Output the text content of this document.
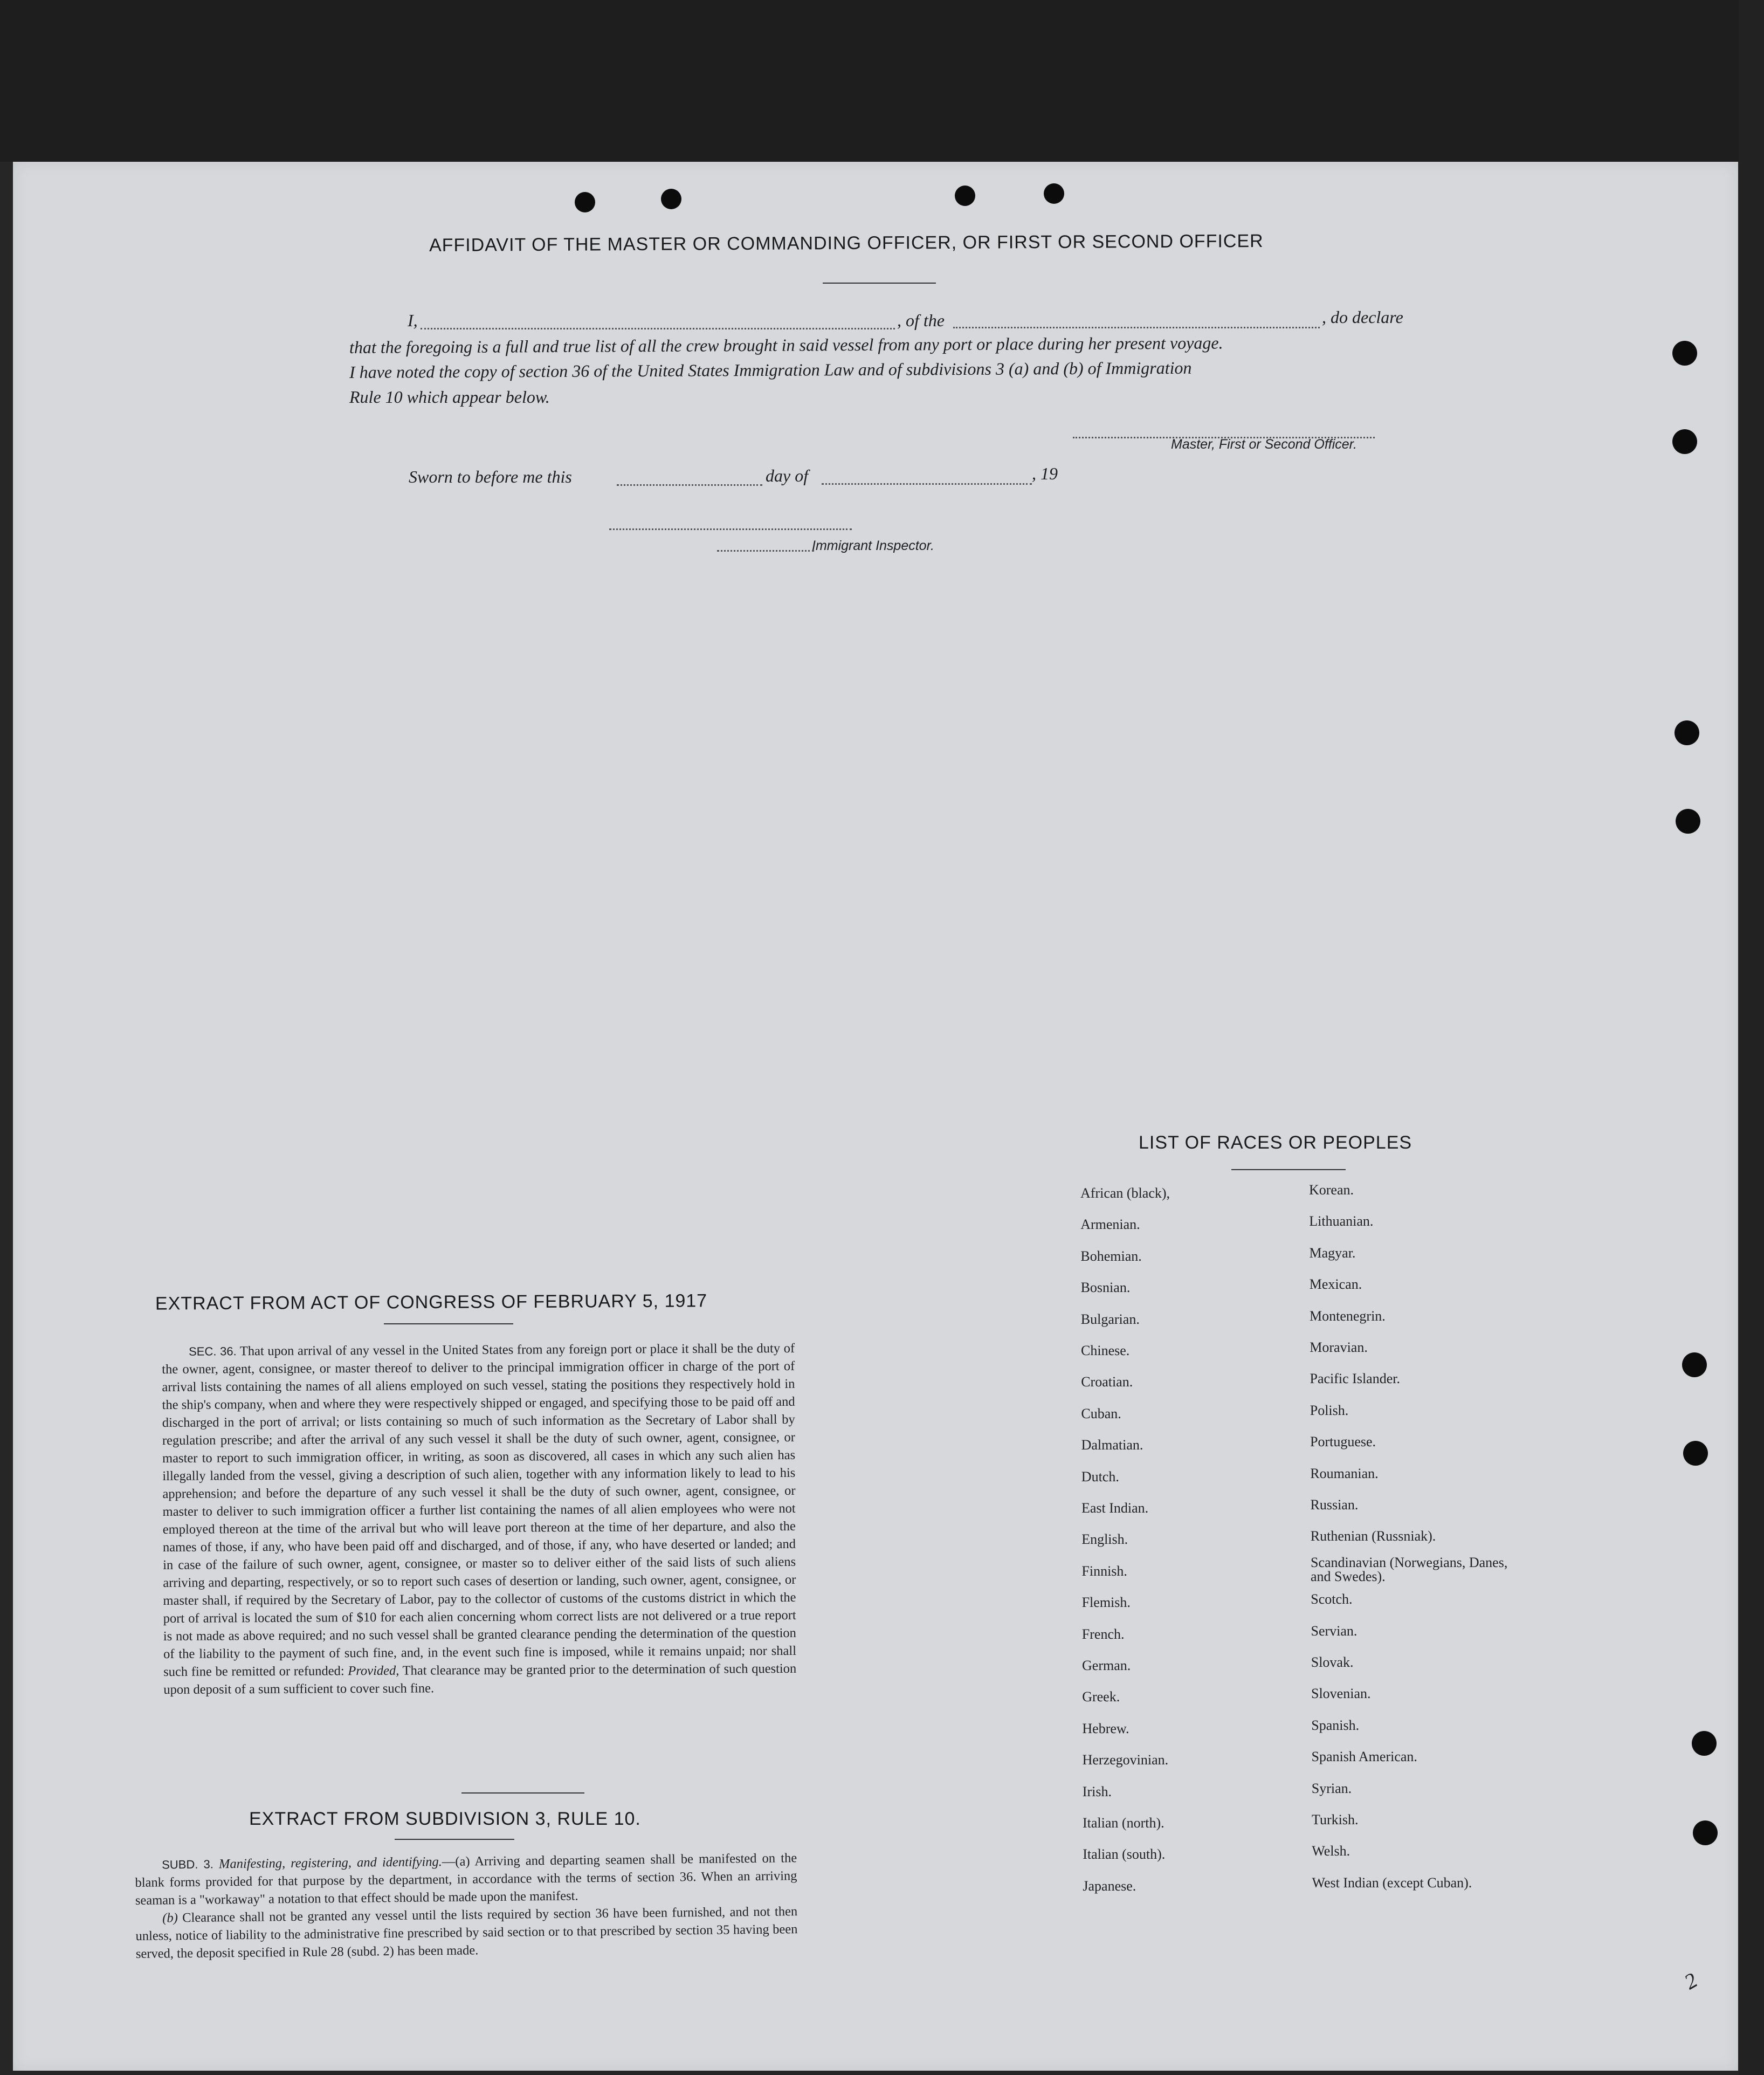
AFFIDAVIT OF THE MASTER OR COMMANDING OFFICER, OR FIRST OR SECOND OFFICER
I,	, of the	, do declare
that the foregoing is a full and true list of all the crew brought in said vessel from any port or place during her present voyage.
I have noted the copy of section 36 of the United States Immigration Law and of subdivisions 3 (a) and (b) of Immigration
Rule 10 which appear below.
Master, First or Second Officer.
Sworn to before me this	day of	, 19
Immigrant Inspector.
EXTRACT FROM ACT OF CONGRESS OF FEBRUARY 5, 1917

SEC. 36. That upon arrival of any vessel in the United States from any foreign port or place it shall be the duty of the owner, agent, consignee, or master thereof to deliver to the principal immigration officer in charge of the port of arrival lists containing the names of all aliens employed on such vessel, stating the positions they respectively hold in the ship's company, when and where they were respectively shipped or engaged, and specifying those to be paid off and discharged in the port of arrival; or lists containing so much of such information as the Secretary of Labor shall by regulation prescribe; and after the arrival of any such vessel it shall be the duty of such owner, agent, consignee, or master to report to such immigration officer, in writing, as soon as discovered, all cases in which any such alien has illegally landed from the vessel, giving a description of such alien, together with any information likely to lead to his apprehension; and before the departure of any such vessel it shall be the duty of such owner, agent, consignee, or master to deliver to such immigration officer a further list containing the names of all alien employees who were not employed thereon at the time of the arrival but who will leave port thereon at the time of her departure, and also the names of those, if any, who have been paid off and discharged, and of those, if any, who have deserted or landed; and in case of the failure of such owner, agent, consignee, or master so to deliver either of the said lists of such aliens arriving and departing, respectively, or so to report such cases of desertion or landing, such owner, agent, consignee, or master shall, if required by the Secretary of Labor, pay to the collector of customs of the customs district in which the port of arrival is located the sum of $10 for each alien concerning whom correct lists are not delivered or a true report is not made as above required; and no such vessel shall be granted clearance pending the determination of the question of the liability to the payment of such fine, and, in the event such fine is imposed, while it remains unpaid; nor shall such fine be remitted or refunded: Provided, That clearance may be granted prior to the determination of such question upon deposit of a sum sufficient to cover such fine.

EXTRACT FROM SUBDIVISION 3, RULE 10.

SUBD. 3. Manifesting, registering, and identifying.—(a) Arriving and departing seamen shall be manifested on the blank forms provided for that purpose by the department, in accordance with the terms of section 36. When an arriving seaman is a "workaway" a notation to that effect should be made upon the manifest.

(b) Clearance shall not be granted any vessel until the lists required by section 36 have been furnished, and not then unless, notice of liability to the administrative fine prescribed by said section or to that prescribed by section 35 having been served, the deposit specified in Rule 28 (subd. 2) has been made.

LIST OF RACES OR PEOPLES
2
African (black),
Armenian.
Bohemian.
Bosnian.
Bulgarian.
Chinese.
Croatian.
Cuban.
Dalmatian.
Dutch.
East Indian.
English.
Finnish.
Flemish.
French.
German.
Greek.
Hebrew.
Herzegovinian.
Irish.
Italian (north).
Italian (south).
Japanese.
Korean.
Lithuanian.
Magyar.
Mexican.
Montenegrin.
Moravian.
Pacific Islander.
Polish.
Portuguese.
Roumanian.
Russian.
Ruthenian (Russniak).
Scandinavian (Norwegians, Danes, and Swedes).
Scotch.
Servian.
Slovak.
Slovenian.
Spanish.
Spanish American.
Syrian.
Turkish.
Welsh.
West Indian (except Cuban).
